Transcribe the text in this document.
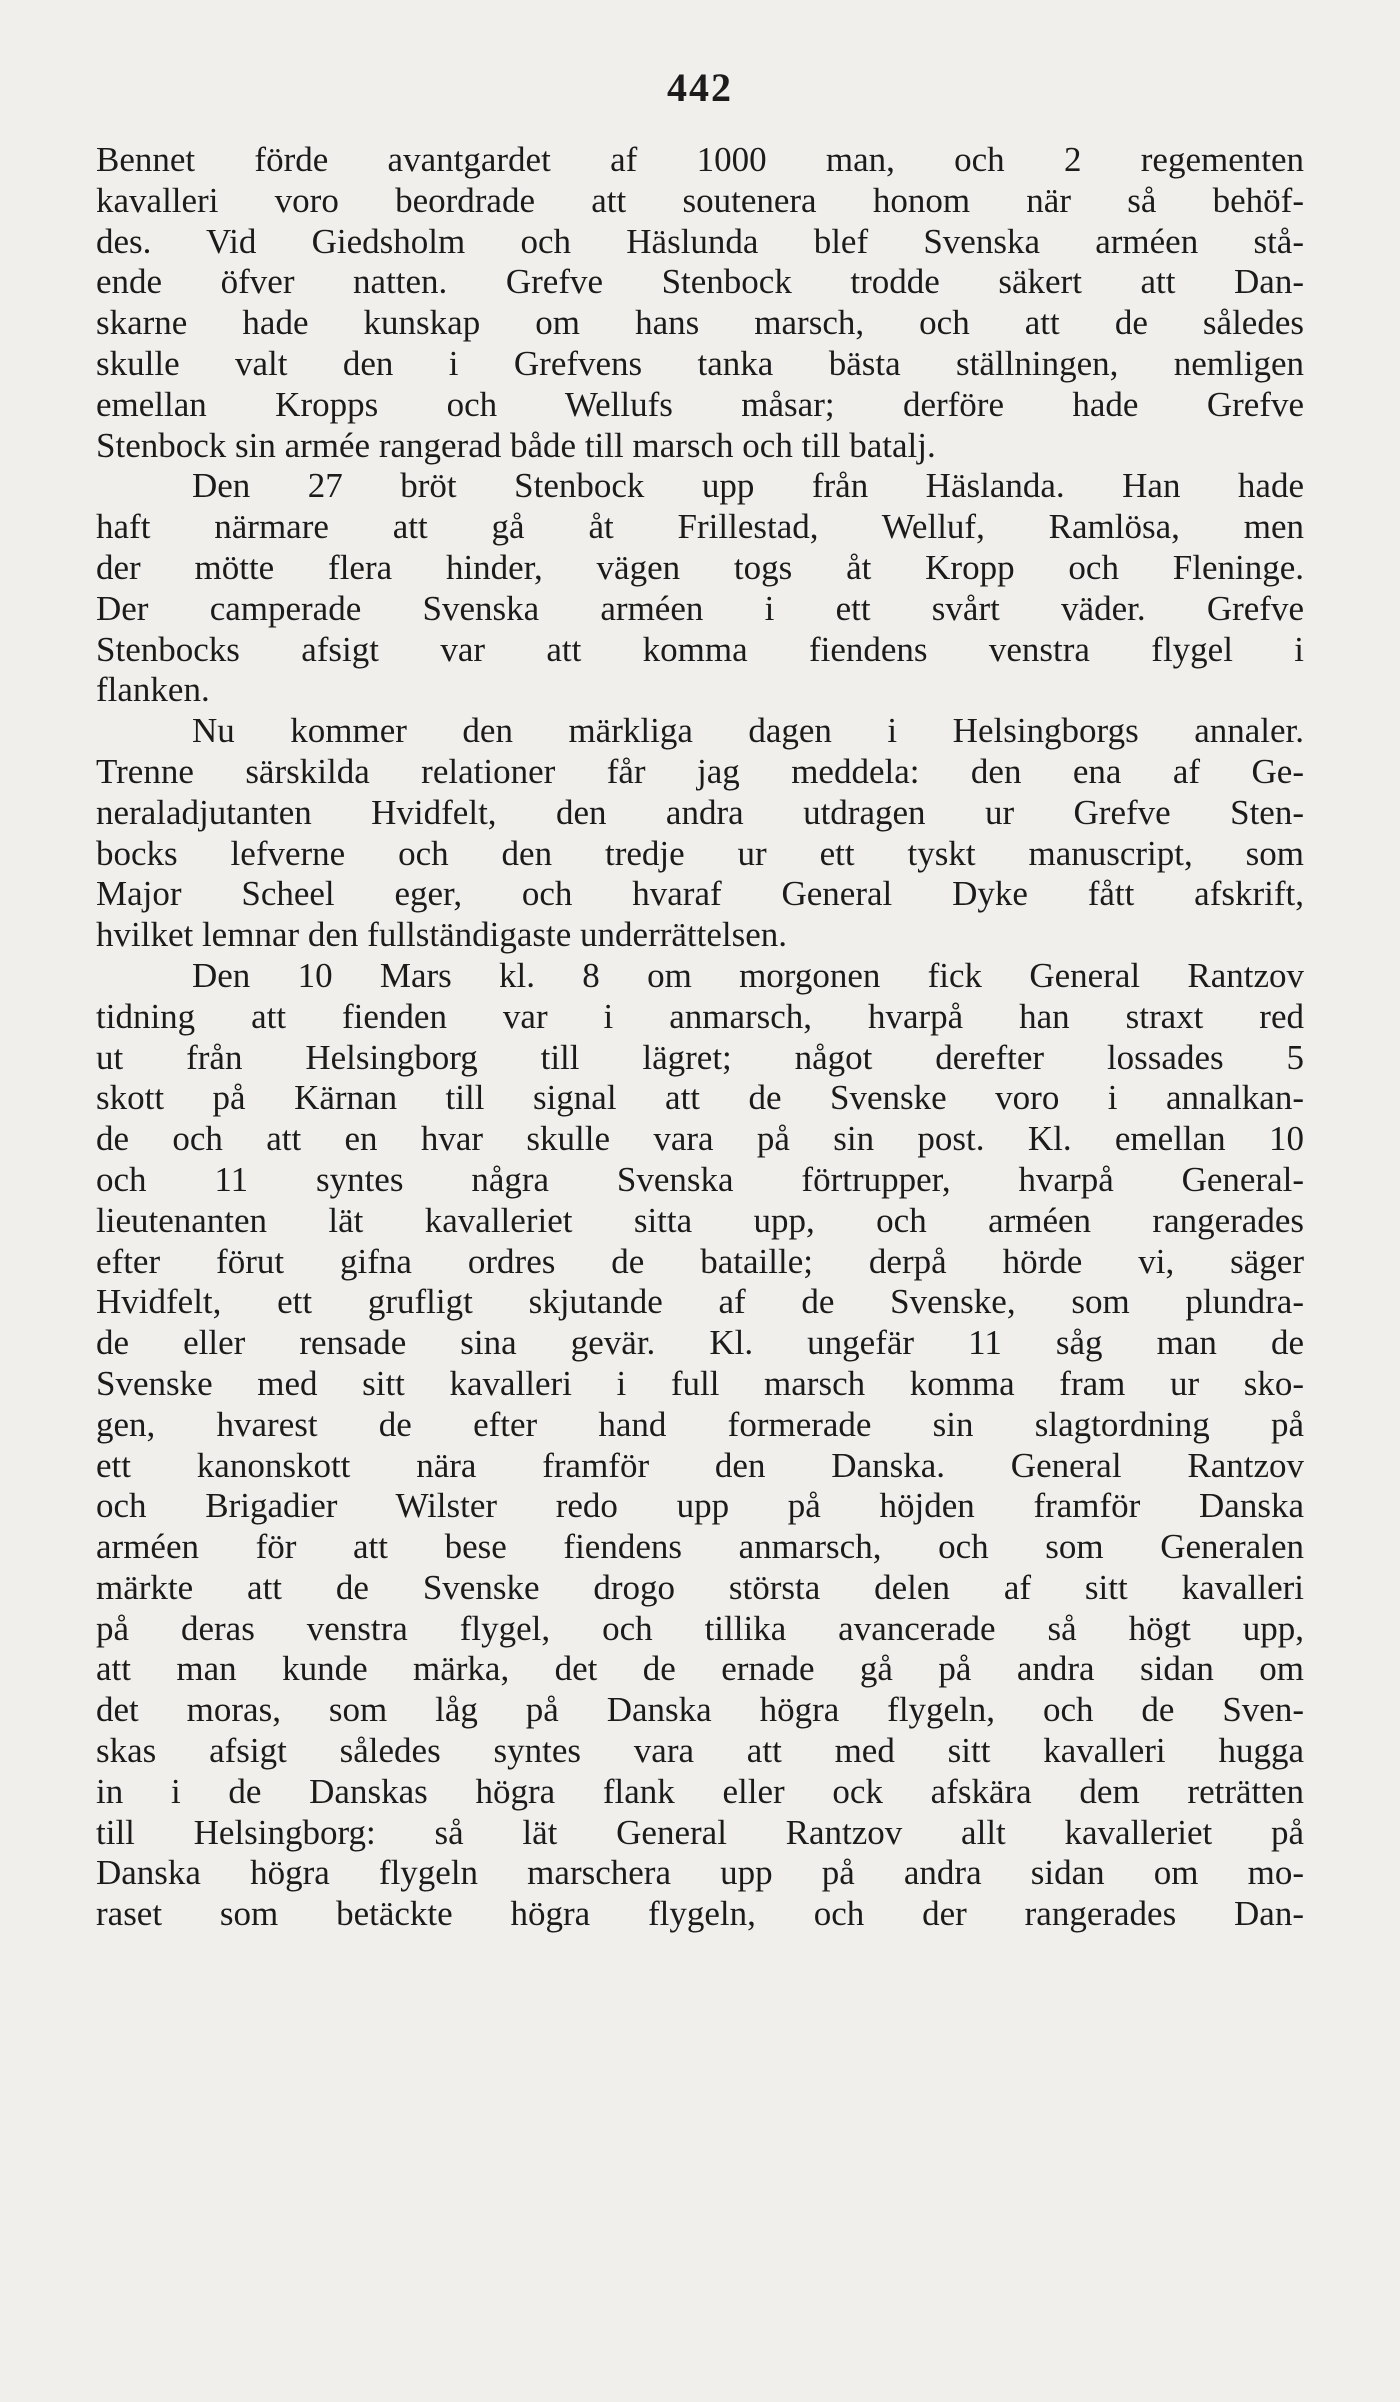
442
Bennet förde avantgardet af 1000 man, och 2 regementen
kavalleri voro beordrade att soutenera honom när så behöf-
des. Vid Giedsholm och Häslunda blef Svenska arméen stå-
ende öfver natten. Grefve Stenbock trodde säkert att Dan-
skarne hade kunskap om hans marsch, och att de således
skulle valt den i Grefvens tanka bästa ställningen, nemligen
emellan Kropps och Wellufs måsar; derföre hade Grefve
Stenbock sin armée rangerad både till marsch och till batalj.
Den 27 bröt Stenbock upp från Häslanda. Han hade
haft närmare att gå åt Frillestad, Welluf, Ramlösa, men
der mötte flera hinder, vägen togs åt Kropp och Fleninge.
Der camperade Svenska arméen i ett svårt väder. Grefve
Stenbocks afsigt var att komma fiendens venstra flygel i
flanken.
Nu kommer den märkliga dagen i Helsingborgs annaler.
Trenne särskilda relationer får jag meddela: den ena af Ge-
neraladjutanten Hvidfelt, den andra utdragen ur Grefve Sten-
bocks lefverne och den tredje ur ett tyskt manuscript, som
Major Scheel eger, och hvaraf General Dyke fått afskrift,
hvilket lemnar den fullständigaste underrättelsen.
Den 10 Mars kl. 8 om morgonen fick General Rantzov
tidning att fienden var i anmarsch, hvarpå han straxt red
ut från Helsingborg till lägret; något derefter lossades 5
skott på Kärnan till signal att de Svenske voro i annalkan-
de och att en hvar skulle vara på sin post. Kl. emellan 10
och 11 syntes några Svenska förtrupper, hvarpå General-
lieutenanten lät kavalleriet sitta upp, och arméen rangerades
efter förut gifna ordres de bataille; derpå hörde vi, säger
Hvidfelt, ett grufligt skjutande af de Svenske, som plundra-
de eller rensade sina gevär. Kl. ungefär 11 såg man de
Svenske med sitt kavalleri i full marsch komma fram ur sko-
gen, hvarest de efter hand formerade sin slagtordning på
ett kanonskott nära framför den Danska. General Rantzov
och Brigadier Wilster redo upp på höjden framför Danska
arméen för att bese fiendens anmarsch, och som Generalen
märkte att de Svenske drogo största delen af sitt kavalleri
på deras venstra flygel, och tillika avancerade så högt upp,
att man kunde märka, det de ernade gå på andra sidan om
det moras, som låg på Danska högra flygeln, och de Sven-
skas afsigt således syntes vara att med sitt kavalleri hugga
in i de Danskas högra flank eller ock afskära dem reträtten
till Helsingborg: så lät General Rantzov allt kavalleriet på
Danska högra flygeln marschera upp på andra sidan om mo-
raset som betäckte högra flygeln, och der rangerades Dan-
